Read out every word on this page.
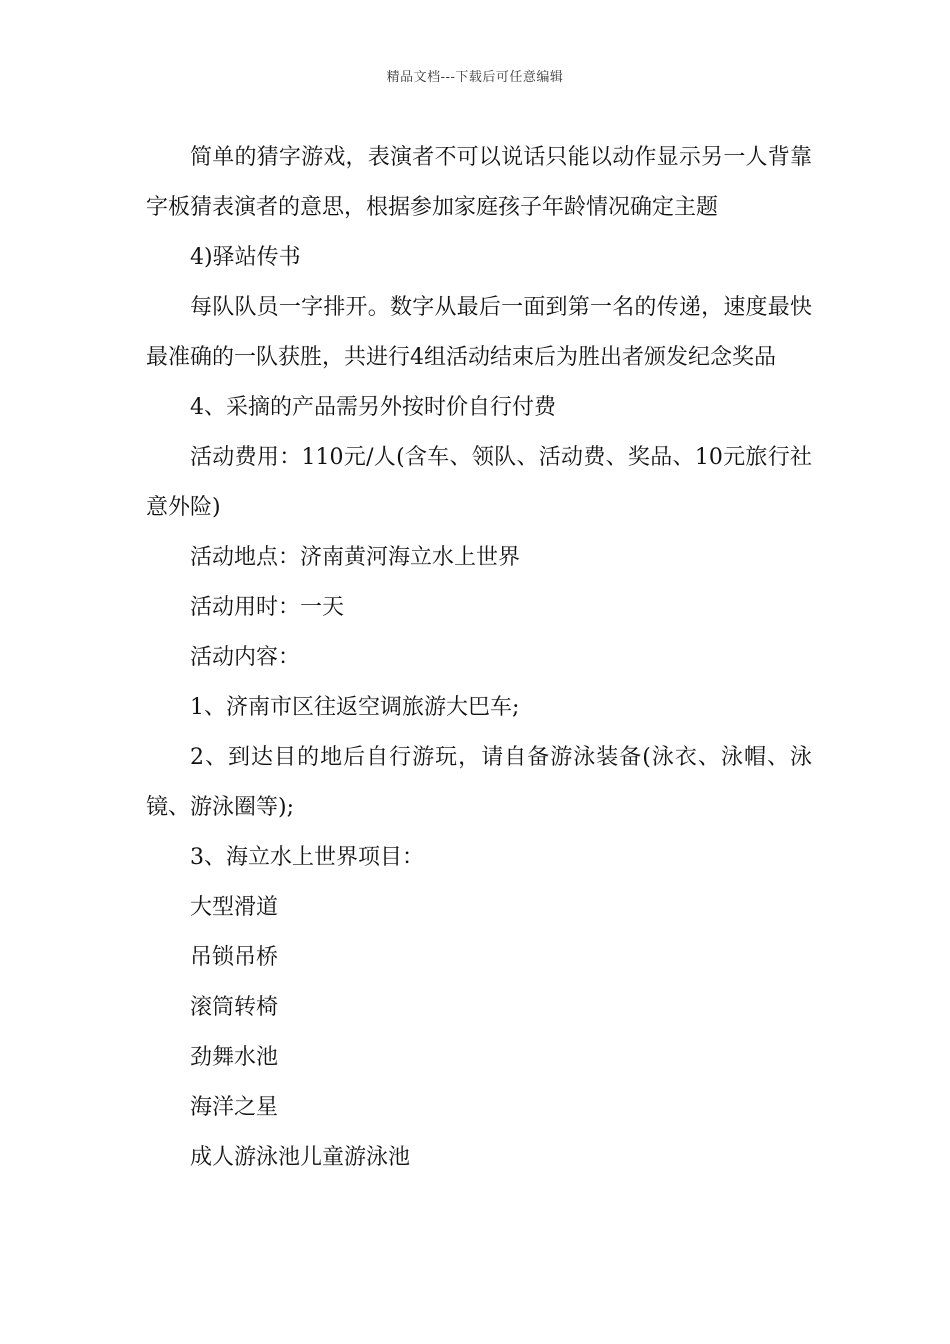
精品文档---下载后可任意编辑

简单的猜字游戏，表演者不可以说话只能以动作显示另一人背靠字板猜表演者的意思，根据参加家庭孩子年龄情况确定主题

4)驿站传书

每队队员一字排开。数字从最后一面到第一名的传递，速度最快最准确的一队获胜，共进行4组活动结束后为胜出者颁发纪念奖品

4、采摘的产品需另外按时价自行付费

活动费用：110元/人(含车、领队、活动费、奖品、10元旅行社意外险)

活动地点：济南黄河海立水上世界

活动用时：一天

活动内容：

1、济南市区往返空调旅游大巴车;

2、到达目的地后自行游玩，请自备游泳装备(泳衣、泳帽、泳镜、游泳圈等);

3、海立水上世界项目：

大型滑道

吊锁吊桥

滚筒转椅

劲舞水池

海洋之星

成人游泳池儿童游泳池
